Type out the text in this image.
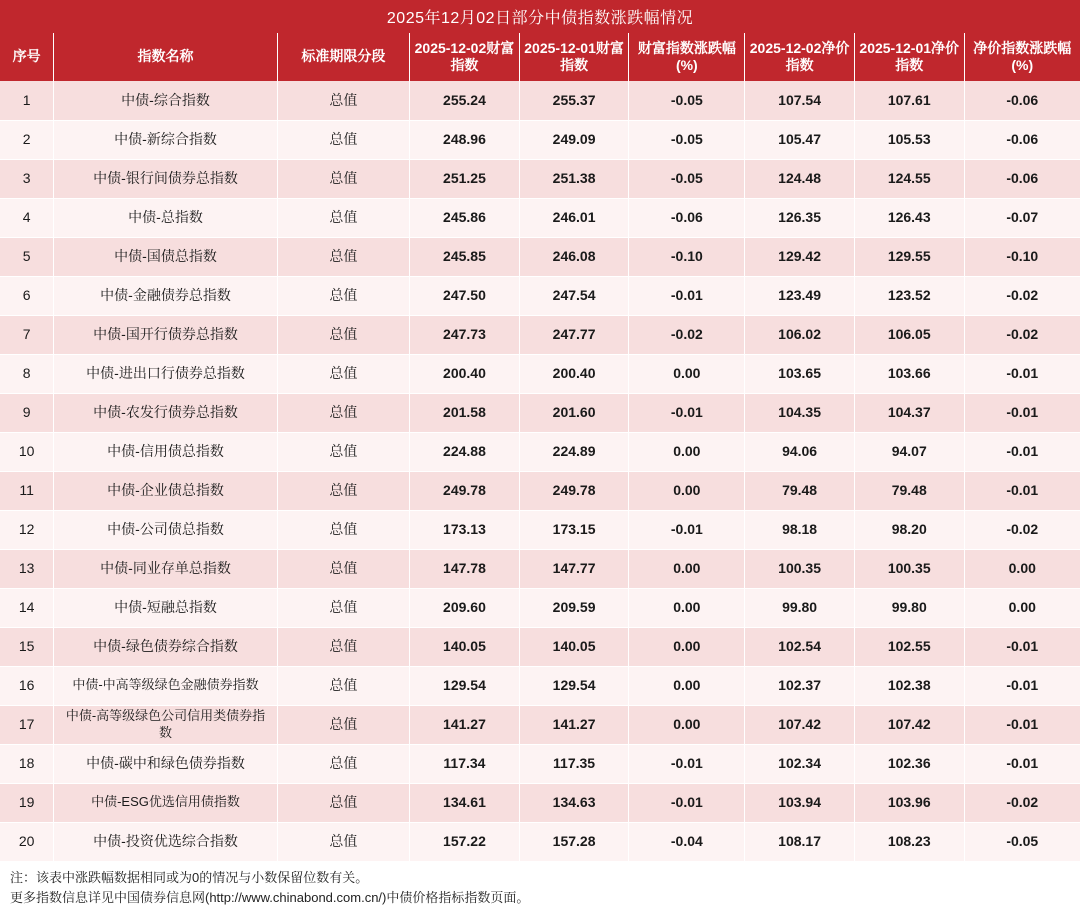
2025年12月02日部分中债指数涨跌幅情况
序号	指数名称	标准期限分段	2025-12-02财富指数	2025-12-01财富指数	财富指数涨跌幅(%)	2025-12-02净价指数	2025-12-01净价指数	净价指数涨跌幅(%)
1	中债-综合指数	总值	255.24	255.37	-0.05	107.54	107.61	-0.06
2	中债-新综合指数	总值	248.96	249.09	-0.05	105.47	105.53	-0.06
3	中债-银行间债券总指数	总值	251.25	251.38	-0.05	124.48	124.55	-0.06
4	中债-总指数	总值	245.86	246.01	-0.06	126.35	126.43	-0.07
5	中债-国债总指数	总值	245.85	246.08	-0.10	129.42	129.55	-0.10
6	中债-金融债券总指数	总值	247.50	247.54	-0.01	123.49	123.52	-0.02
7	中债-国开行债券总指数	总值	247.73	247.77	-0.02	106.02	106.05	-0.02
8	中债-进出口行债券总指数	总值	200.40	200.40	0.00	103.65	103.66	-0.01
9	中债-农发行债券总指数	总值	201.58	201.60	-0.01	104.35	104.37	-0.01
10	中债-信用债总指数	总值	224.88	224.89	0.00	94.06	94.07	-0.01
11	中债-企业债总指数	总值	249.78	249.78	0.00	79.48	79.48	-0.01
12	中债-公司债总指数	总值	173.13	173.15	-0.01	98.18	98.20	-0.02
13	中债-同业存单总指数	总值	147.78	147.77	0.00	100.35	100.35	0.00
14	中债-短融总指数	总值	209.60	209.59	0.00	99.80	99.80	0.00
15	中债-绿色债券综合指数	总值	140.05	140.05	0.00	102.54	102.55	-0.01
16	中债-中高等级绿色金融债券指数	总值	129.54	129.54	0.00	102.37	102.38	-0.01
17	中债-高等级绿色公司信用类债券指数	总值	141.27	141.27	0.00	107.42	107.42	-0.01
18	中债-碳中和绿色债券指数	总值	117.34	117.35	-0.01	102.34	102.36	-0.01
19	中债-ESG优选信用债指数	总值	134.61	134.63	-0.01	103.94	103.96	-0.02
20	中债-投资优选综合指数	总值	157.22	157.28	-0.04	108.17	108.23	-0.05
注：该表中涨跌幅数据相同或为0的情况与小数保留位数有关。
更多指数信息详见中国债券信息网(http://www.chinabond.com.cn/)中债价格指标指数页面。
